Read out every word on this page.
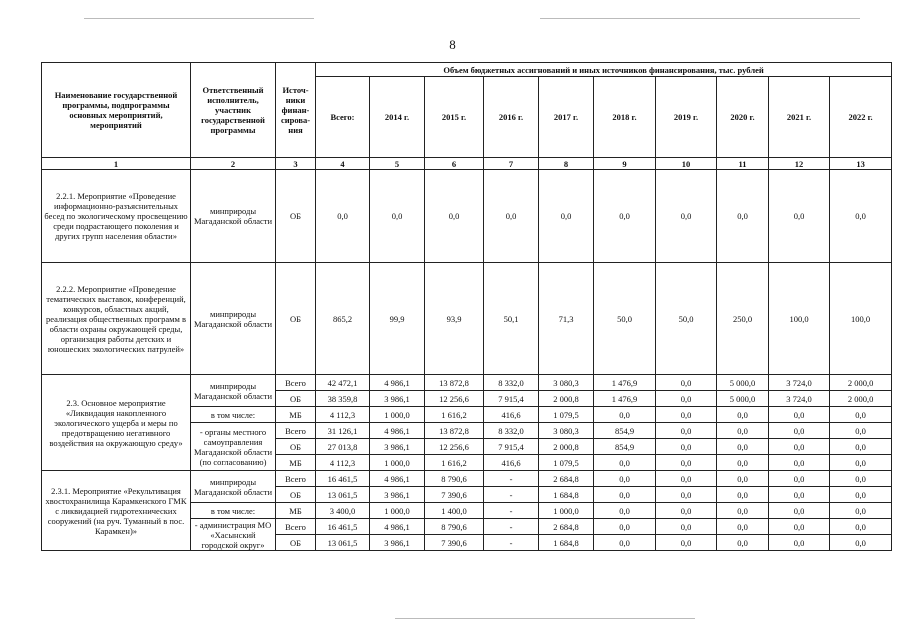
8
Наименование государственной программы, подпрограммы основных мероприятий, мероприятий	Ответственный исполнитель, участник государственной программы	Источ-ники финан-сирова-ния	Объем бюджетных ассигнований и иных источников финансирования, тыс. рублей									
			Всего:	2014 г.	2015 г.	2016 г.	2017 г.	2018 г.	2019 г.	2020 г.	2021 г.	2022 г.
1	2	3	4	5	6	7	8	9	10	11	12	13
2.2.1. Мероприятие «Проведение информационно-разъяснительных бесед по экологическому просвещению среди подрастающего поколения и других групп населения области»	минприроды Магаданской области	ОБ	0,0	0,0	0,0	0,0	0,0	0,0	0,0	0,0	0,0	0,0
2.2.2. Мероприятие «Проведение тематических выставок, конференций, конкурсов, областных акций, реализация общественных программ в области охраны окружающей среды, организация работы детских и юношеских экологических патрулей»	минприроды Магаданской области	ОБ	865,2	99,9	93,9	50,1	71,3	50,0	50,0	250,0	100,0	100,0
2.3. Основное мероприятие «Ликвидация накопленного экологического ущерба и меры по предотвращению негативного воздействия на окружающую среду»	минприроды Магаданской области	Всего	42 472,1	4 986,1	13 872,8	8 332,0	3 080,3	1 476,9	0,0	5 000,0	3 724,0	2 000,0
		ОБ	38 359,8	3 986,1	12 256,6	7 915,4	2 000,8	1 476,9	0,0	5 000,0	3 724,0	2 000,0
	в том числе:	МБ	4 112,3	1 000,0	1 616,2	416,6	1 079,5	0,0	0,0	0,0	0,0	0,0
	- органы местного самоуправления Магаданской области (по согласованию)	Всего	31 126,1	4 986,1	13 872,8	8 332,0	3 080,3	854,9	0,0	0,0	0,0	0,0
		ОБ	27 013,8	3 986,1	12 256,6	7 915,4	2 000,8	854,9	0,0	0,0	0,0	0,0
		МБ	4 112,3	1 000,0	1 616,2	416,6	1 079,5	0,0	0,0	0,0	0,0	0,0
2.3.1. Мероприятие «Рекультивация хвостохранилища Карамкенского ГМК с ликвидацией гидротехнических сооружений (на руч. Туманный в пос. Карамкен)»	минприроды Магаданской области	Всего	16 461,5	4 986,1	8 790,6	-	2 684,8	0,0	0,0	0,0	0,0	0,0
		ОБ	13 061,5	3 986,1	7 390,6	-	1 684,8	0,0	0,0	0,0	0,0	0,0
	в том числе:	МБ	3 400,0	1 000,0	1 400,0	-	1 000,0	0,0	0,0	0,0	0,0	0,0
	- администрация МО «Хасынский городской округ»	Всего	16 461,5	4 986,1	8 790,6	-	2 684,8	0,0	0,0	0,0	0,0	0,0
		ОБ	13 061,5	3 986,1	7 390,6	-	1 684,8	0,0	0,0	0,0	0,0	0,0
